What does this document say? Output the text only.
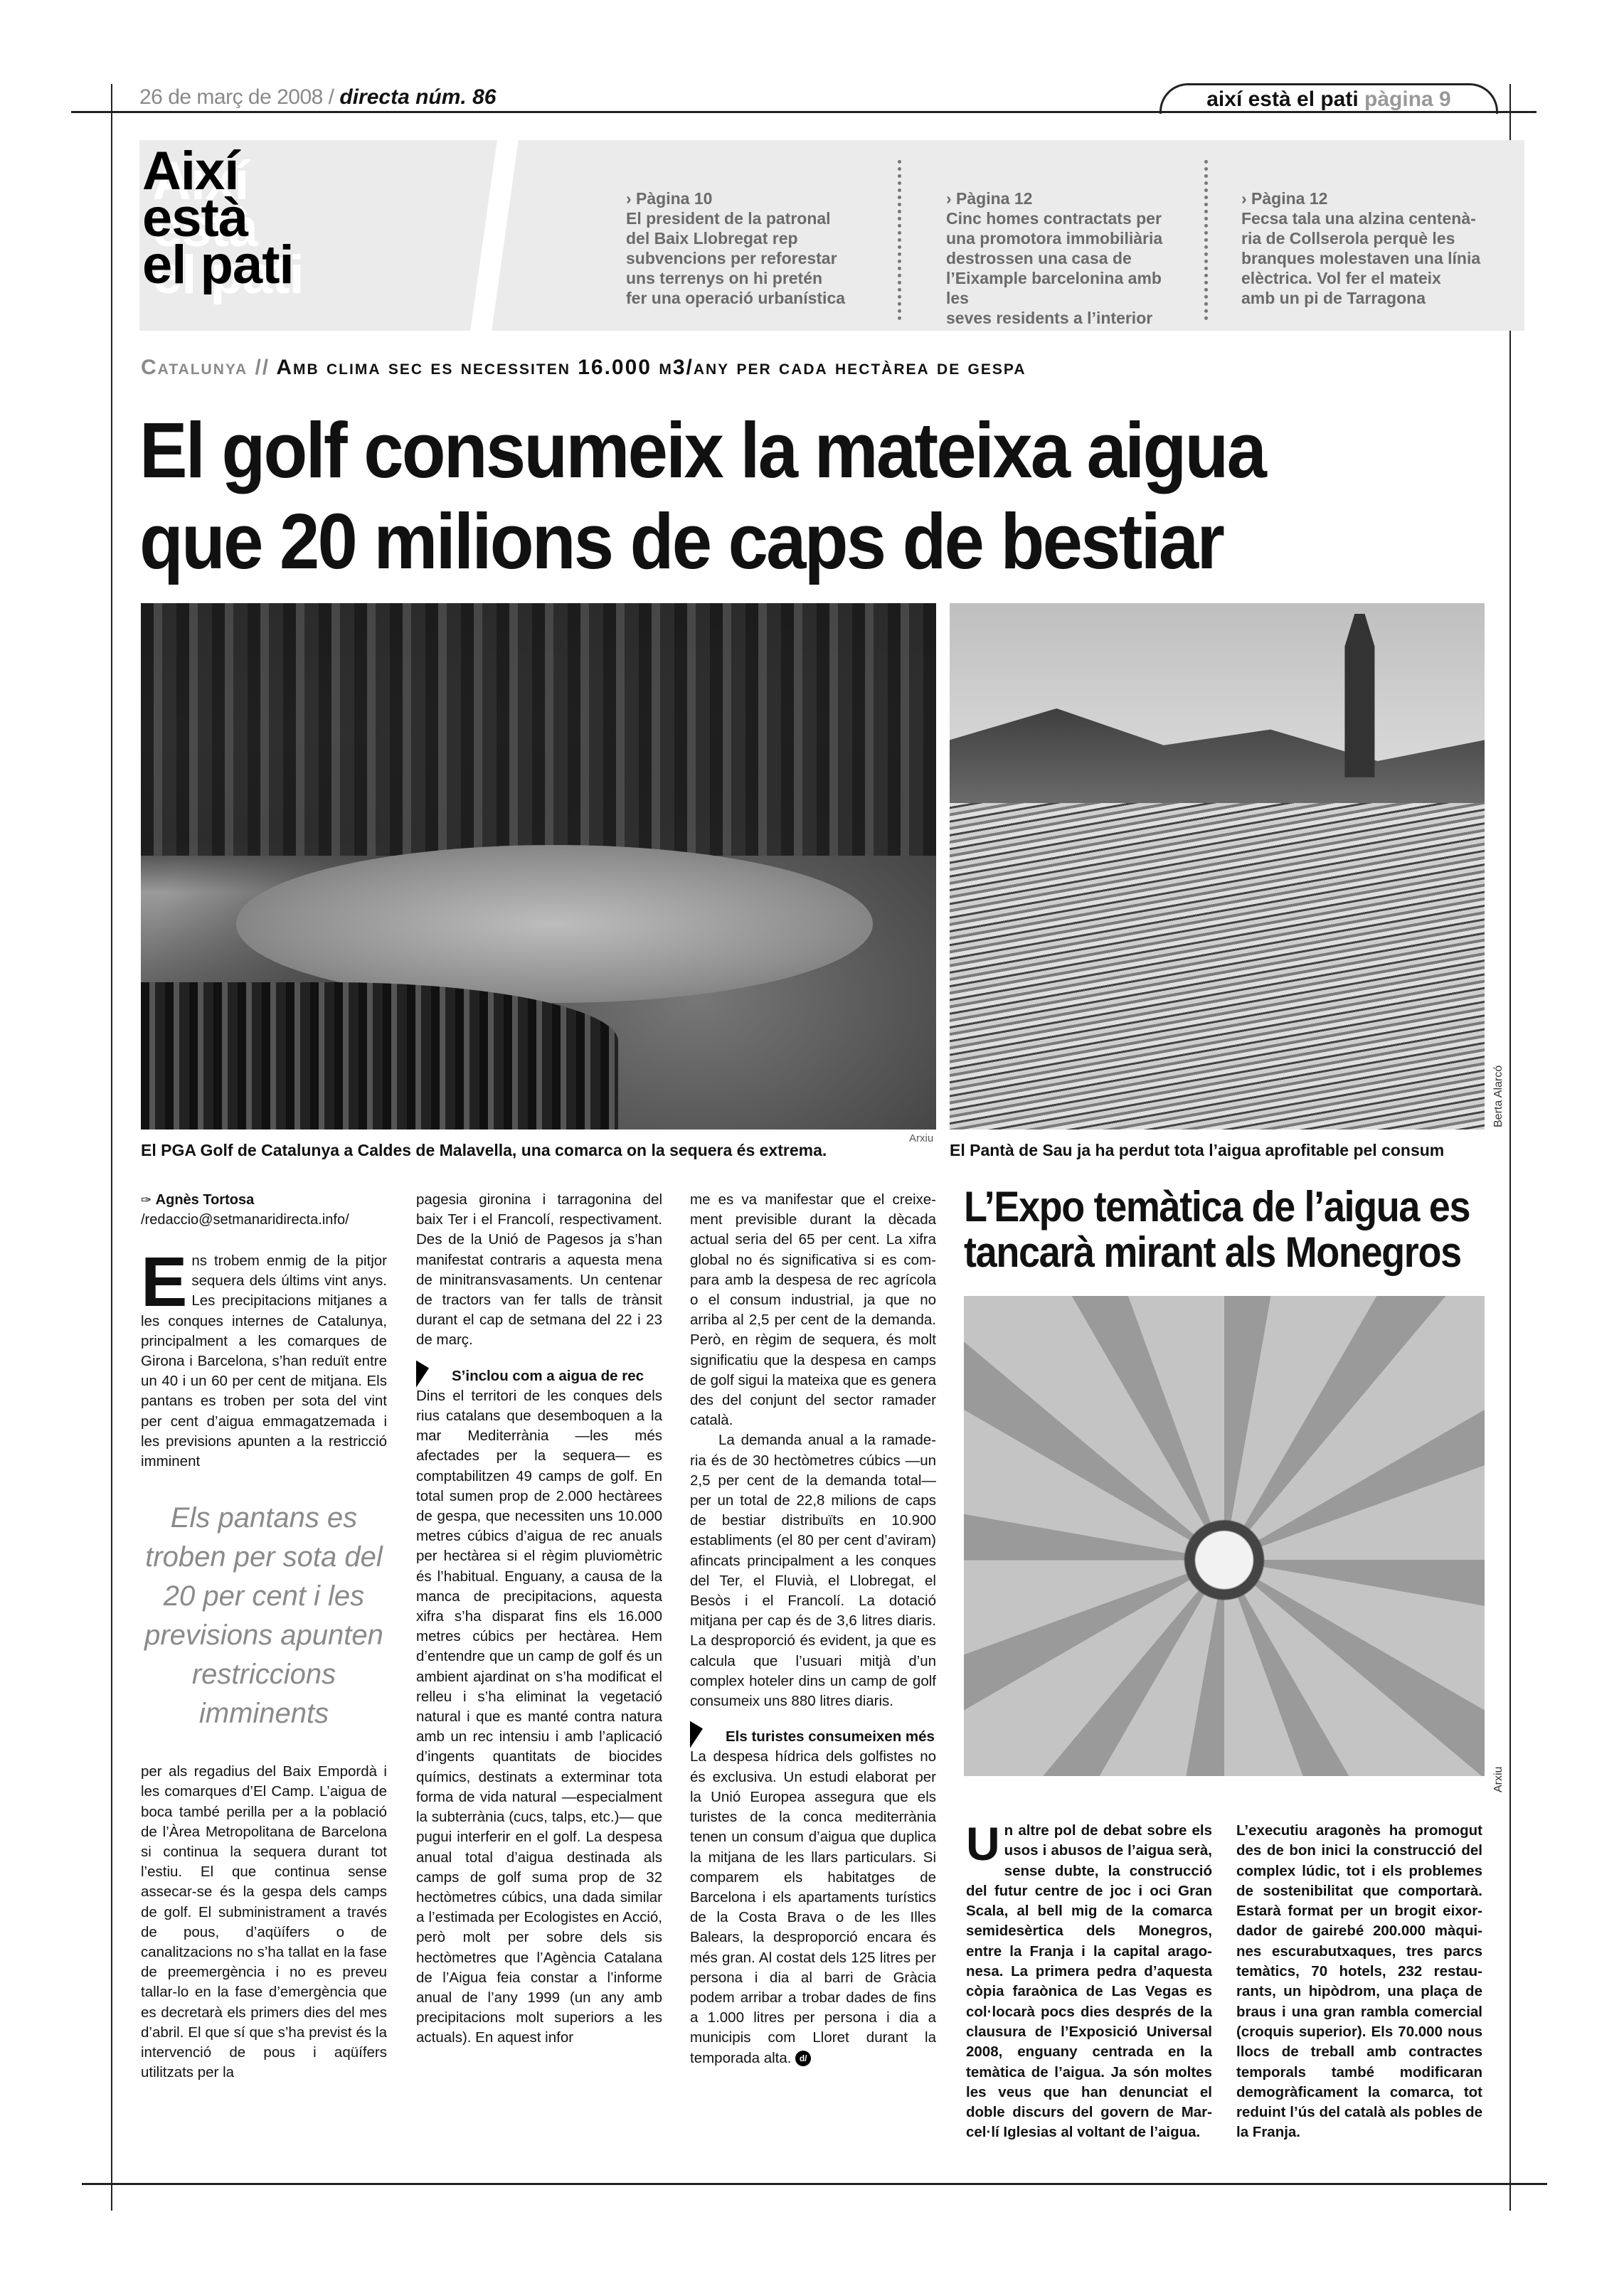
26 de març de 2008 / directa núm. 86	així està el pati pàgina 9
Així
està
el pati
› Pàgina 10
El president de la patronal
del Baix Llobregat rep
subvencions per reforestar
uns terrenys on hi pretén
fer una operació urbanística
› Pàgina 12
Cinc homes contractats per
una promotora immobiliària
destrossen una casa de
l’Eixample barcelonina amb les
seves residents a l’interior
› Pàgina 12
Fecsa tala una alzina centenà-
ria de Collserola perquè les
branques molestaven una línia
elèctrica. Vol fer el mateix
amb un pi de Tarragona
Catalunya // Amb clima sec es necessiten 16.000 m3/any per cada hectàrea de gespa
El golf consumeix la mateixa aigua
que 20 milions de caps de bestiar
Berta Alarcó
El PGA Golf de Catalunya a Caldes de Malavella, una comarca on la sequera és extrema.
Arxiu
El Pantà de Sau ja ha perdut tota l’aigua aprofitable pel consum
✑ Agnès Tortosa
/redaccio@setmanaridirecta.info/

Ens trobem enmig de la pitjor sequera dels últims vint anys. Les precipitacions mitjanes a les conques internes de Catalunya, principalment a les comarques de Girona i Barcelona, s’han reduït entre un 40 i un 60 per cent de mitjana. Els pantans es troben per sota del vint per cent d’aigua emmagatzemada i les previsions apunten a la restricció imminent

Els pantans es troben per sota del 20 per cent i les previsions apunten restriccions imminents

per als regadius del Baix Empordà i les comarques d’El Camp. L’aigua de boca també perilla per a la població de l’Àrea Metropolitana de Barcelona si continua la sequera durant tot l’estiu. El que continua sense assecar-se és la gespa dels camps de golf. El subministrament a través de pous, d’aqüífers o de canalitzacions no s’ha tallat en la fase de preemergència i no es preveu tallar-lo en la fase d’emergència que es decretarà els primers dies del mes d’abril. El que sí que s’ha previst és la intervenció de pous i aqüífers utilitzats per la

pagesia gironina i tarragonina del baix Ter i el Francolí, respectivament. Des de la Unió de Pagesos ja s’han manifestat contraris a aquesta mena de minitransvasaments. Un centenar de tractors van fer talls de trànsit durant el cap de setmana del 22 i 23 de març.

S’inclou com a aigua de rec

Dins el territori de les conques dels rius catalans que desemboquen a la mar Mediterrània —les més afectades per la sequera— es comptabilitzen 49 camps de golf. En total sumen prop de 2.000 hectàrees de gespa, que necessiten uns 10.000 metres cúbics d’aigua de rec anuals per hectàrea si el règim pluviomètric és l’habitual. Enguany, a causa de la manca de precipitacions, aquesta xifra s’ha disparat fins els 16.000 metres cúbics per hectàrea. Hem d’entendre que un camp de golf és un ambient ajardinat on s’ha modificat el relleu i s’ha eliminat la vegetació natural i que es manté contra natura amb un rec intensiu i amb l’aplicació d’ingents quantitats de biocides químics, destinats a exterminar tota forma de vida natural —especialment la subterrània (cucs, talps, etc.)— que pugui interferir en el golf. La despesa anual total d’aigua destinada als camps de golf suma prop de 32 hectòmetres cúbics, una dada similar a l’estimada per Ecologistes en Acció, però molt per sobre dels sis hectòmetres que l’Agència Catalana de l’Aigua feia constar a l’informe anual de l’any 1999 (un any amb precipitacions molt superiors a les actuals). En aquest infor

me es va manifestar que el creixement previsible durant la dècada actual seria del 65 per cent. La xifra global no és significativa si es compara amb la despesa de rec agrícola o el consum industrial, ja que no arriba al 2,5 per cent de la demanda. Però, en règim de sequera, és molt significatiu que la despesa en camps de golf sigui la mateixa que es genera des del conjunt del sector ramader català.

La demanda anual a la ramaderia és de 30 hectòmetres cúbics —un 2,5 per cent de la demanda total— per un total de 22,8 milions de caps de bestiar distribuïts en 10.900 establiments (el 80 per cent d’aviram) afincats principalment a les conques del Ter, el Fluvià, el Llobregat, el Besòs i el Francolí. La dotació mitjana per cap és de 3,6 litres diaris. La desproporció és evident, ja que es calcula que l’usuari mitjà d’un complex hoteler dins un camp de golf consumeix uns 880 litres diaris.

Els turistes consumeixen més

La despesa hídrica dels golfistes no és exclusiva. Un estudi elaborat per la Unió Europea assegura que els turistes de la conca mediterrània tenen un consum d’aigua que duplica la mitjana de les llars particulars. Si comparem els habitatges de Barcelona i els apartaments turístics de la Costa Brava o de les Illes Balears, la desproporció encara és més gran. Al costat dels 125 litres per persona i dia al barri de Gràcia podem arribar a trobar dades de fins a 1.000 litres per persona i dia a municipis com Lloret durant la temporada alta. d/

L’Expo temàtica de l’aigua es
tancarà mirant als Monegros
Arxiu
Un altre pol de debat sobre els usos i abusos de l’aigua serà, sense dubte, la construcció del futur centre de joc i oci Gran Scala, al bell mig de la comarca semidesèrtica dels Monegros, entre la Franja i la capital aragonesa. La primera pedra d’aquesta còpia faraònica de Las Vegas es col·locarà pocs dies després de la clausura de l’Exposició Universal 2008, enguany centrada en la temàtica de l’aigua. Ja són moltes les veus que han denunciat el doble discurs del govern de Marcel·lí Iglesias al voltant de l’aigua.
L’executiu aragonès ha promogut des de bon inici la construcció del complex lúdic, tot i els problemes de sostenibilitat que comportarà. Estarà format per un brogit eixordador de gairebé 200.000 màquines escurabutxaques, tres parcs temàtics, 70 hotels, 232 restaurants, un hipòdrom, una plaça de braus i una gran rambla comercial (croquis superior). Els 70.000 nous llocs de treball amb contractes temporals també modificaran demogràficament la comarca, tot reduint l’ús del català als pobles de la Franja.
